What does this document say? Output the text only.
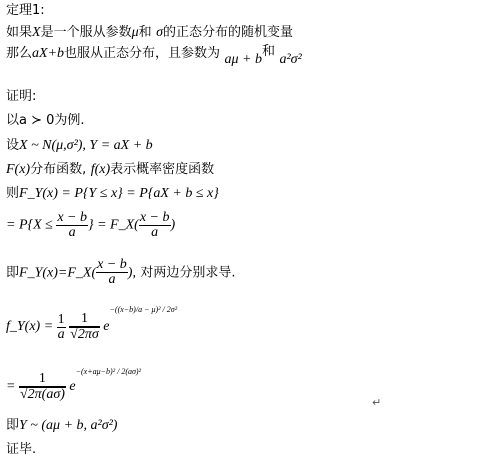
定理1:
如果X是一个服从参数μ和 σ的正态分布的随机变量
那么aX+b也服从正态分布，且参数为 aμ + b和 a²σ²
证明:
以a ≻ 0为例.
设X ~ N(μ,σ²), Y = aX + b
F(x)分布函数, f(x)表示概率密度函数
则F_Y(x) = P{Y ≤ x} = P{aX + b ≤ x}
= $P\{X \le \frac{x - b}{a}$ } = F_X( $\frac{x - b}{a}$ )
即F_Y(x)=F_X( $\frac{x - b}{a}$ ), 对两边分别求导.
f_Y(x) = $\frac{1}{a}$
$\frac{1}{√2\pi\sigma} e^{-((x-b)/a - \mu)^2 / 2\sigma^2}$
= $\frac{1}{√2\pi(a\sigma)} e^{-(x+a\mu-b)^2 / 2(a\sigma)^2}$
↵
即Y ~ (aμ + b, a²σ²)
证毕.
